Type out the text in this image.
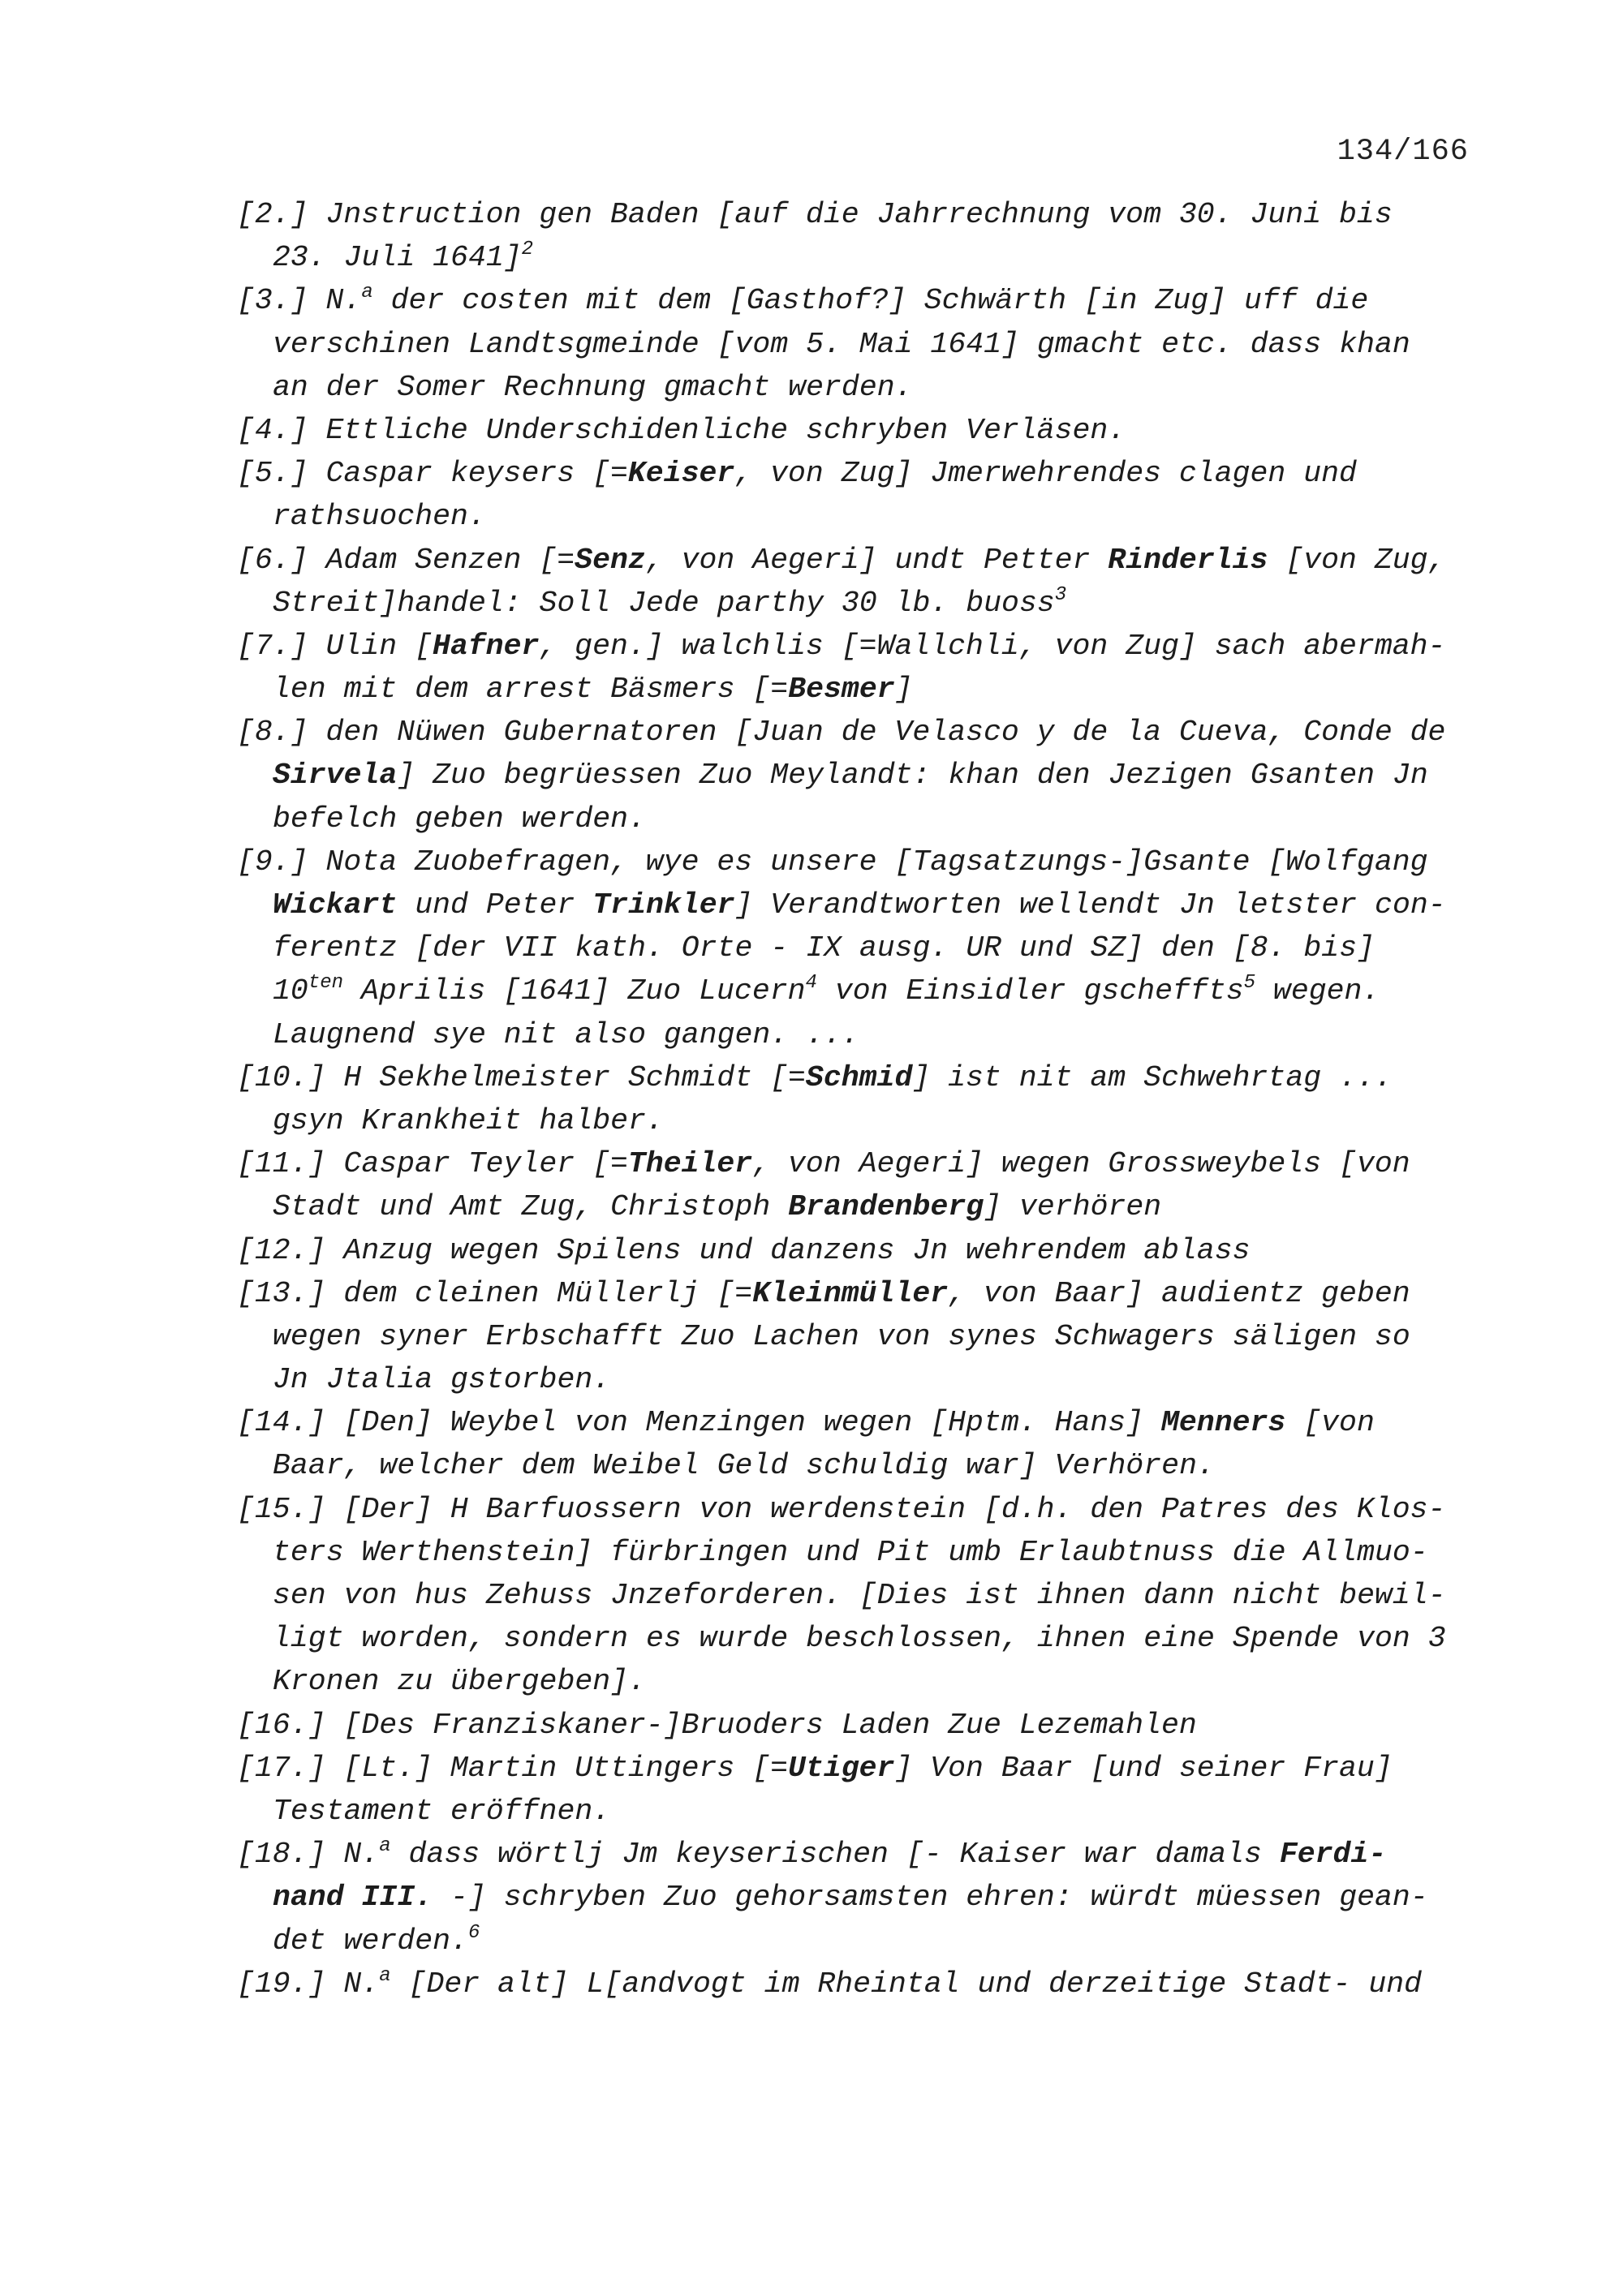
134/166
[2.] Jnstruction gen Baden [auf die Jahrrechnung vom 30. Juni bis
23. Juli 1641]$^2$
[3.] N.$^a$ der costen mit dem [Gasthof?] Schwärth [in Zug] uff die
verschinen Landtsgmeinde [vom 5. Mai 1641] gmacht etc. dass khan
an der Somer Rechnung gmacht werden.
[4.] Ettliche Underschidenliche schryben Verläsen.
[5.] Caspar keysers [=Keiser, von Zug] Jmerwehrendes clagen und
rathsuochen.
[6.] Adam Senzen [=Senz, von Aegeri] undt Petter Rinderlis [von Zug,
Streit]handel: Soll Jede parthy 30 lb. buoss$^3$
[7.] Ulin [Hafner, gen.] walchlis [=Wallchli, von Zug] sach abermah-
len mit dem arrest Bäsmers [=Besmer]
[8.] den Nüwen Gubernatoren [Juan de Velasco y de la Cueva, Conde de
Sirvela] Zuo begrüessen Zuo Meylandt: khan den Jezigen Gsanten Jn
befelch geben werden.
[9.] Nota Zuobefragen, wye es unsere [Tagsatzungs-]Gsante [Wolfgang
Wickart und Peter Trinkler] Verandtworten wellendt Jn letster con-
ferentz [der VII kath. Orte - IX ausg. UR und SZ] den [8. bis]
$10^{ten}$ Aprilis [1641] Zuo Lucern$^4$ von Einsidler gscheffts$^5$ wegen.
Laugnend sye nit also gangen. ...
[10.] H Sekhelmeister Schmidt [=Schmid] ist nit am Schwehrtag ...
gsyn Krankheit halber.
[11.] Caspar Teyler [=Theiler, von Aegeri] wegen Grossweybels [von
Stadt und Amt Zug, Christoph Brandenberg] verhören
[12.] Anzug wegen Spilens und danzens Jn wehrendem ablass
[13.] dem cleinen Müllerlj [=Kleinmüller, von Baar] audientz geben
wegen syner Erbschafft Zuo Lachen von synes Schwagers säligen so
Jn Jtalia gstorben.
[14.] [Den] Weybel von Menzingen wegen [Hptm. Hans] Menners [von
Baar, welcher dem Weibel Geld schuldig war] Verhören.
[15.] [Der] H Barfuossern von werdenstein [d.h. den Patres des Klos-
ters Werthenstein] fürbringen und Pit umb Erlaubtnuss die Allmuo-
sen von hus Zehuss Jnzeforderen. [Dies ist ihnen dann nicht bewil-
ligt worden, sondern es wurde beschlossen, ihnen eine Spende von 3
Kronen zu übergeben].
[16.] [Des Franziskaner-]Bruoders Laden Zue Lezemahlen
[17.] [Lt.] Martin Uttingers [=Utiger] Von Baar [und seiner Frau]
Testament eröffnen.
[18.] N.$^a$ dass wörtlj Jm keyserischen [- Kaiser war damals Ferdi-
nand III. -] schryben Zuo gehorsamsten ehren: würdt müessen gean-
det werden.$^6$
[19.] N.$^a$ [Der alt] L[andvogt im Rheintal und derzeitige Stadt- und
